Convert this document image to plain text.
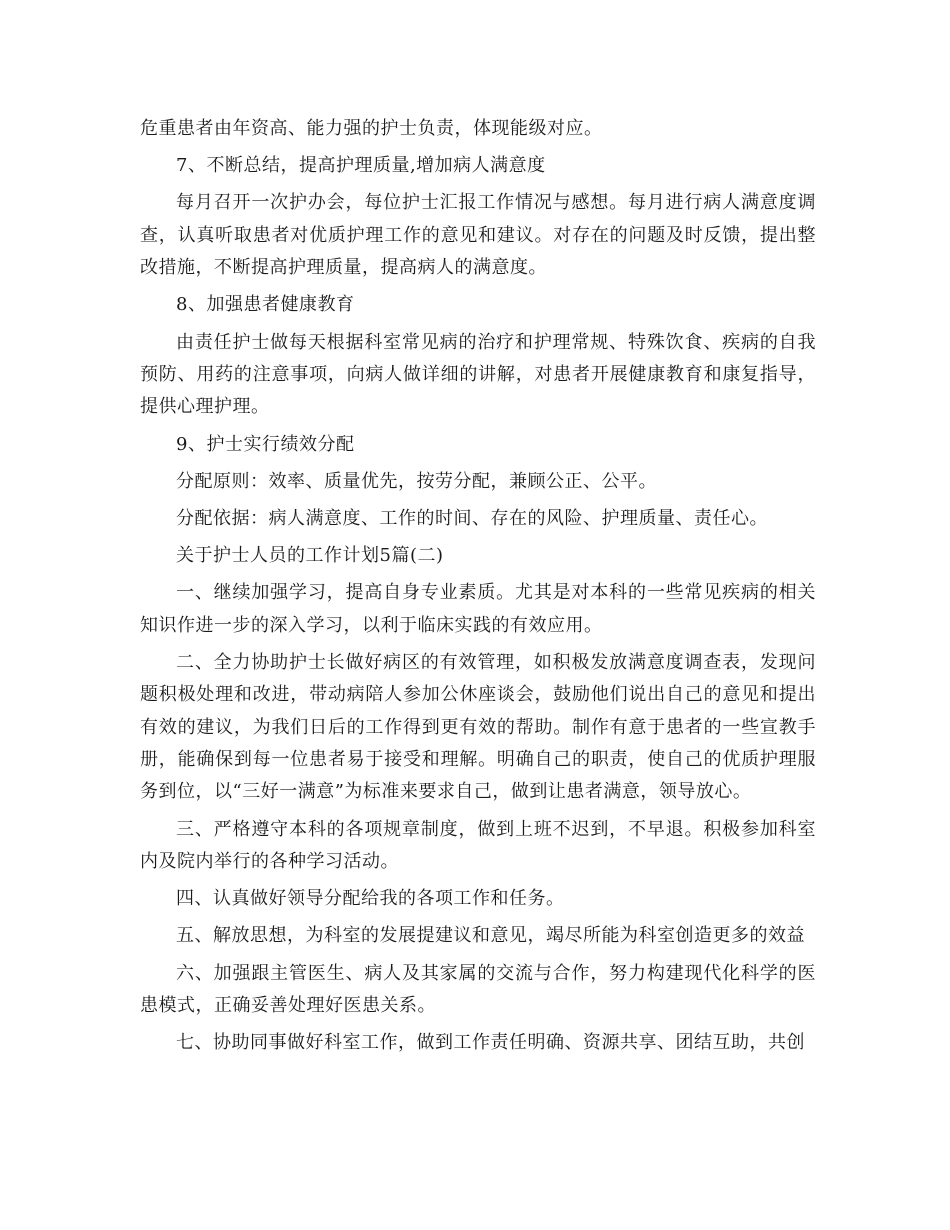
危重患者由年资高、能力强的护士负责，体现能级对应。
7、不断总结，提高护理质量,增加病人满意度
每月召开一次护办会，每位护士汇报工作情况与感想。每月进行病人满意度调
查，认真听取患者对优质护理工作的意见和建议。对存在的问题及时反馈，提出整
改措施，不断提高护理质量，提高病人的满意度。
8、加强患者健康教育
由责任护士做每天根据科室常见病的治疗和护理常规、特殊饮食、疾病的自我
预防、用药的注意事项，向病人做详细的讲解，对患者开展健康教育和康复指导，
提供心理护理。
9、护士实行绩效分配
分配原则：效率、质量优先，按劳分配，兼顾公正、公平。
分配依据：病人满意度、工作的时间、存在的风险、护理质量、责任心。
关于护士人员的工作计划5篇(二)
一、继续加强学习，提高自身专业素质。尤其是对本科的一些常见疾病的相关
知识作进一步的深入学习，以利于临床实践的有效应用。
二、全力协助护士长做好病区的有效管理，如积极发放满意度调查表，发现问
题积极处理和改进，带动病陪人参加公休座谈会，鼓励他们说出自己的意见和提出
有效的建议，为我们日后的工作得到更有效的帮助。制作有意于患者的一些宣教手
册，能确保到每一位患者易于接受和理解。明确自己的职责，使自己的优质护理服
务到位，以“三好一满意”为标准来要求自己，做到让患者满意，领导放心。
三、严格遵守本科的各项规章制度，做到上班不迟到，不早退。积极参加科室
内及院内举行的各种学习活动。
四、认真做好领导分配给我的各项工作和任务。
五、解放思想，为科室的发展提建议和意见，竭尽所能为科室创造更多的效益
六、加强跟主管医生、病人及其家属的交流与合作，努力构建现代化科学的医
患模式，正确妥善处理好医患关系。
七、协助同事做好科室工作，做到工作责任明确、资源共享、团结互助，共创
